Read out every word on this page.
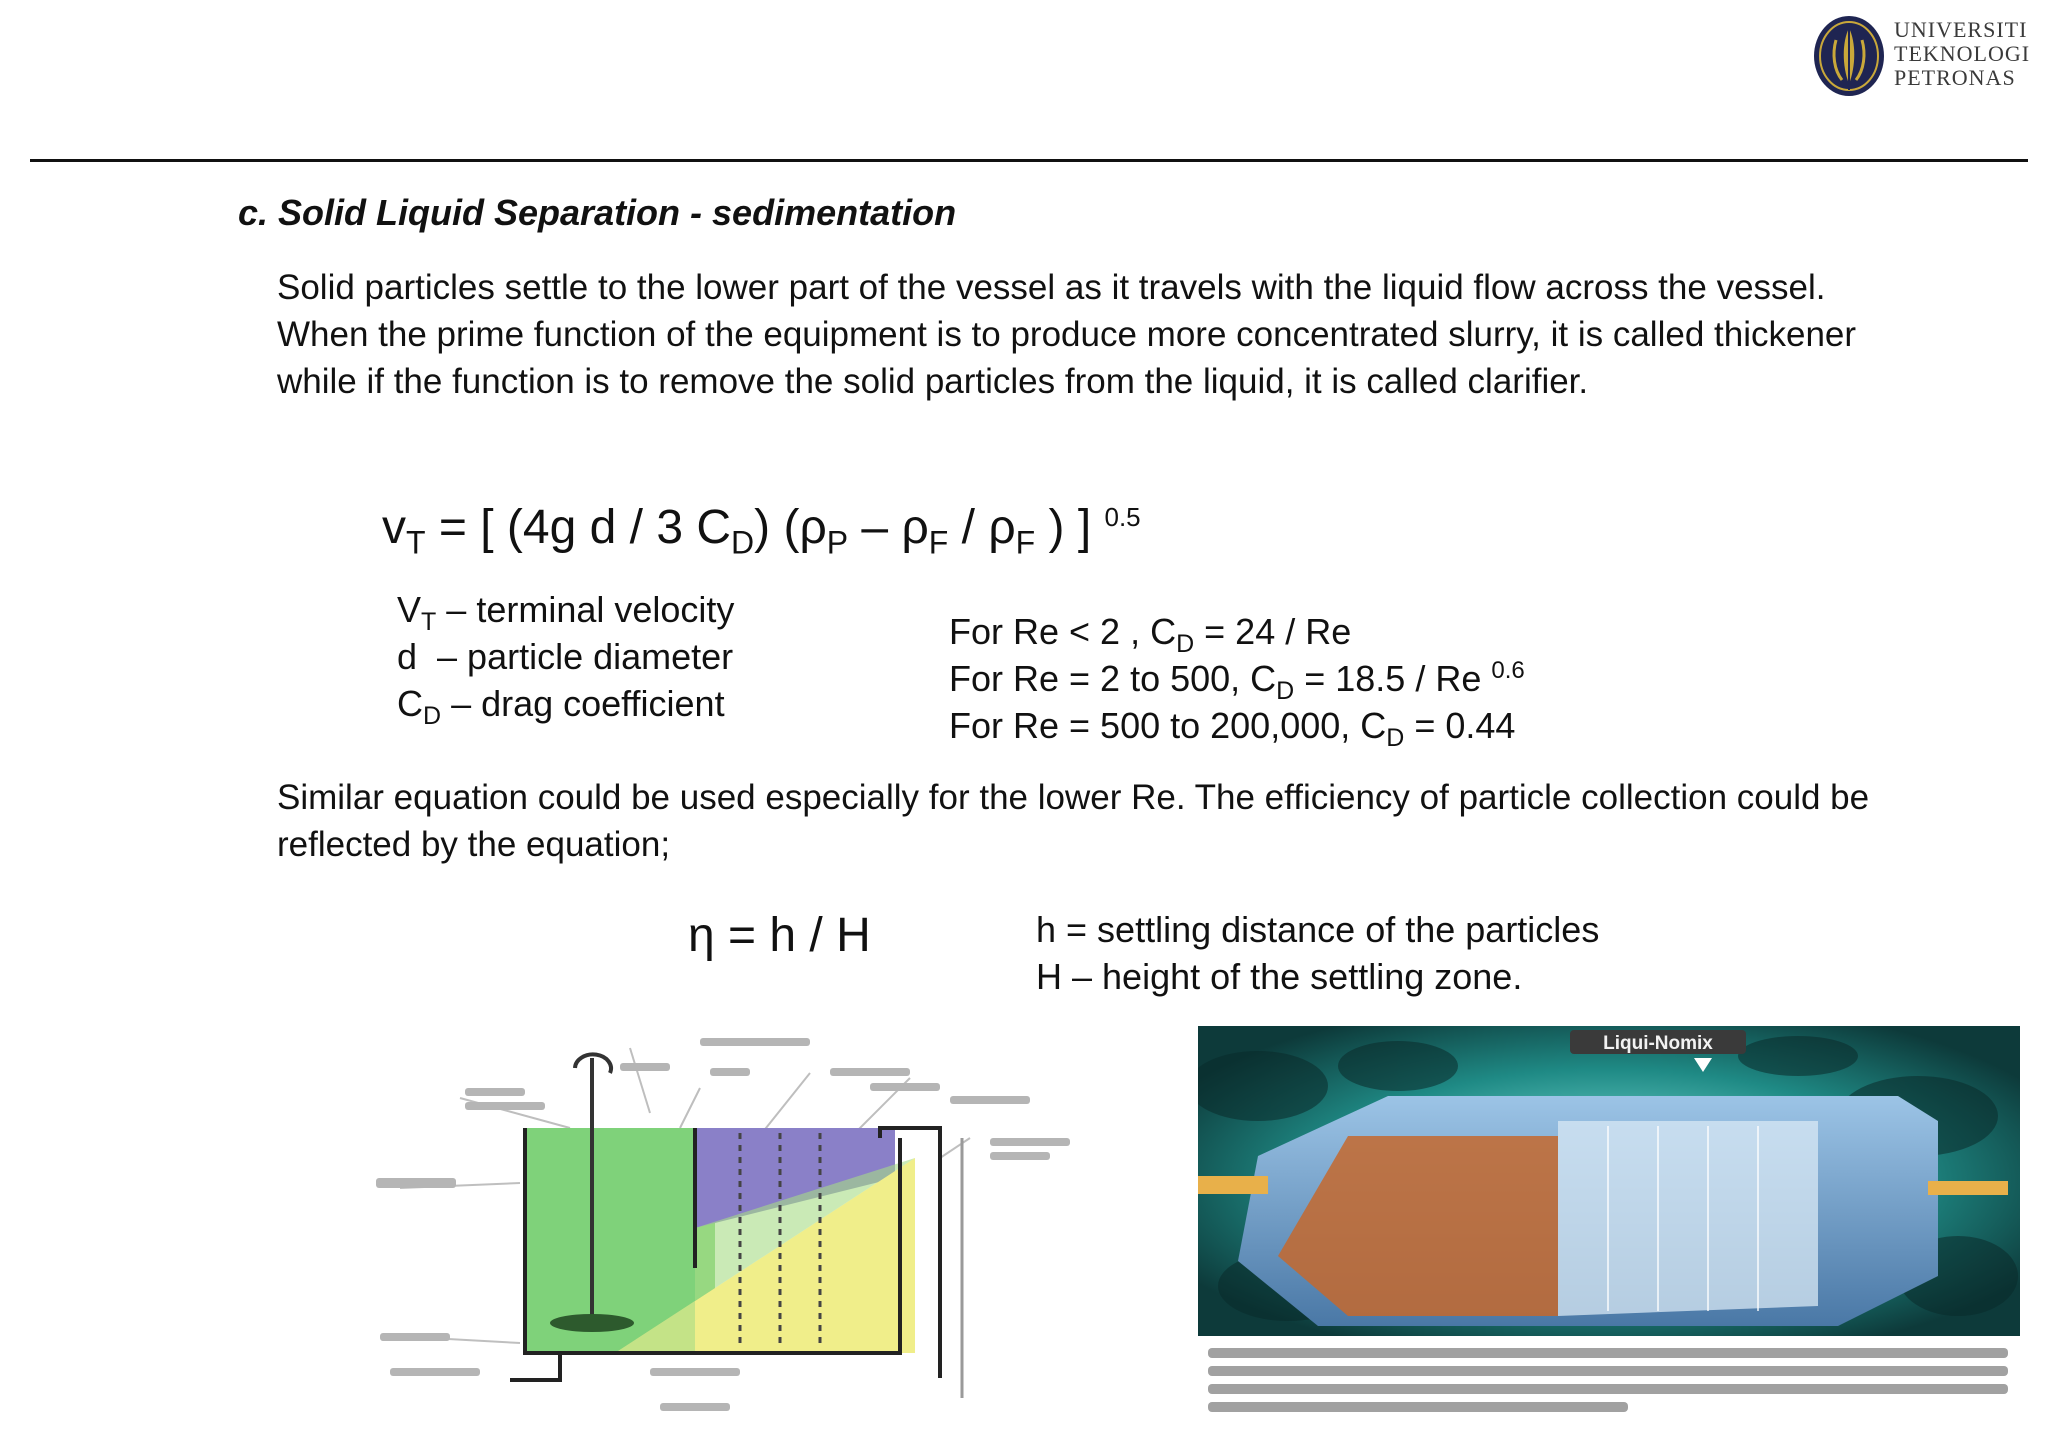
UNIVERSITI
TEKNOLOGI
PETRONAS
c. Solid Liquid Separation - sedimentation
Solid particles settle to the lower part of the vessel as it travels with the liquid flow across the vessel. When the prime function of the equipment is to produce more concentrated slurry, it is called thickener while if the function is to remove the solid particles from the liquid, it is called clarifier.
$v_T$ = [ (4g d / 3 $C_D$) ($\rho_P - \rho_F / \rho_F$ ) ] $^{0.5}$
$V_T$ – terminal velocity
d  – particle diameter
$C_D$ – drag coefficient
For Re < 2 , $C_D = 24 / Re$
For Re = 2 to 500, $C_D = 18.5 / Re$ $^{0.6}$
For Re = 500 to 200,000, $C_D = 0.44$
Similar equation could be used especially for the lower Re. The efficiency of particle collection could be reflected by the equation;
η = h / H	h = settling distance of the particles
H – height of the settling zone.
Liqui-Nomix
